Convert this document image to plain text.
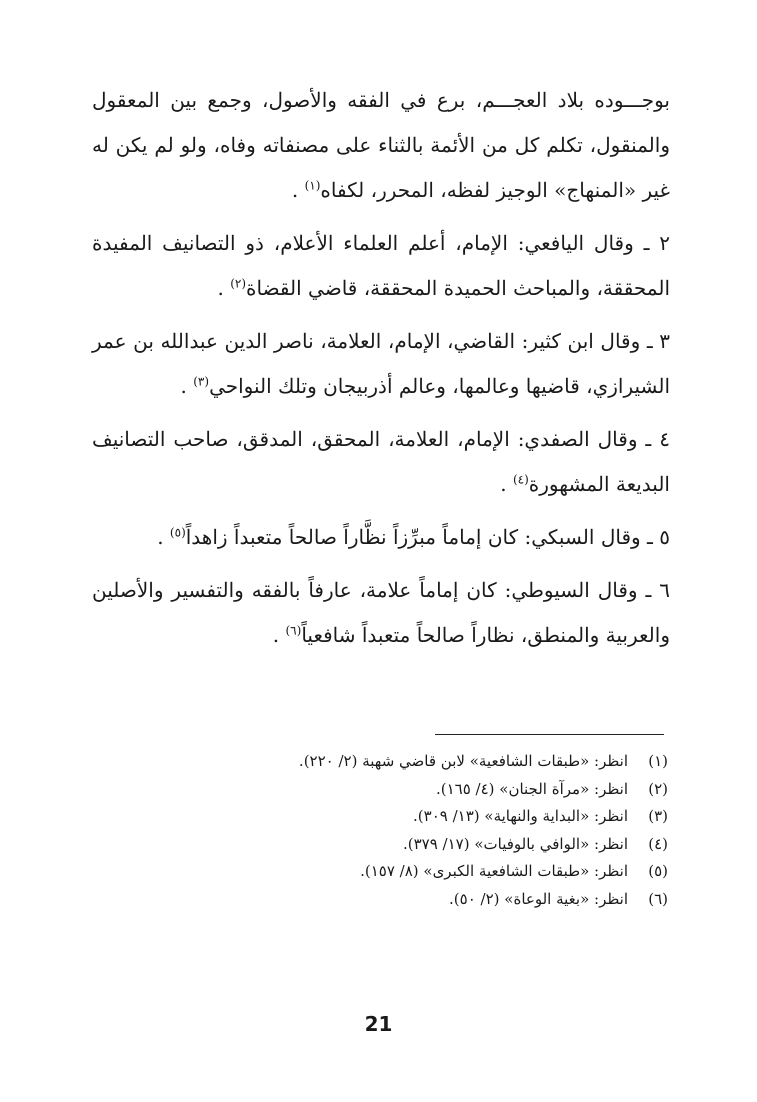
بوجـــوده بلاد العجـــم، برع في الفقه والأصول، وجمع بين المعقول والمنقول، تكلم كل من الأئمة بالثناء على مصنفاته وفاه، ولو لم يكن له غير «المنهاج» الوجيز لفظه، المحرر، لكفاه$^{(١)}$ .

٢ ـ وقال اليافعي: الإمام، أعلم العلماء الأعلام، ذو التصانيف المفيدة المحققة، والمباحث الحميدة المحققة، قاضي القضاة$^{(٢)}$ .

٣ ـ وقال ابن كثير: القاضي، الإمام، العلامة، ناصر الدين عبدالله بن عمر الشيرازي، قاضيها وعالمها، وعالم أذربيجان وتلك النواحي$^{(٣)}$ .

٤ ـ وقال الصفدي: الإمام، العلامة، المحقق، المدقق، صاحب التصانيف البديعة المشهورة$^{(٤)}$ .

٥ ـ وقال السبكي: كان إماماً مبرِّزاً نظَّاراً صالحاً متعبداً زاهداً$^{(٥)}$ .

٦ ـ وقال السيوطي: كان إماماً علامة، عارفاً بالفقه والتفسير والأصلين والعربية والمنطق، نظاراً صالحاً متعبداً شافعياً$^{(٦)}$ .

(١)انظر: «طبقات الشافعية» لابن قاضي شهبة (٢/ ٢٢٠).
(٢)انظر: «مرآة الجنان» (٤/ ١٦٥).
(٣)انظر: «البداية والنهاية» (١٣/ ٣٠٩).
(٤)انظر: «الوافي بالوفيات» (١٧/ ٣٧٩).
(٥)انظر: «طبقات الشافعية الكبرى» (٨/ ١٥٧).
(٦)انظر: «بغية الوعاة» (٢/ ٥٠).
21
